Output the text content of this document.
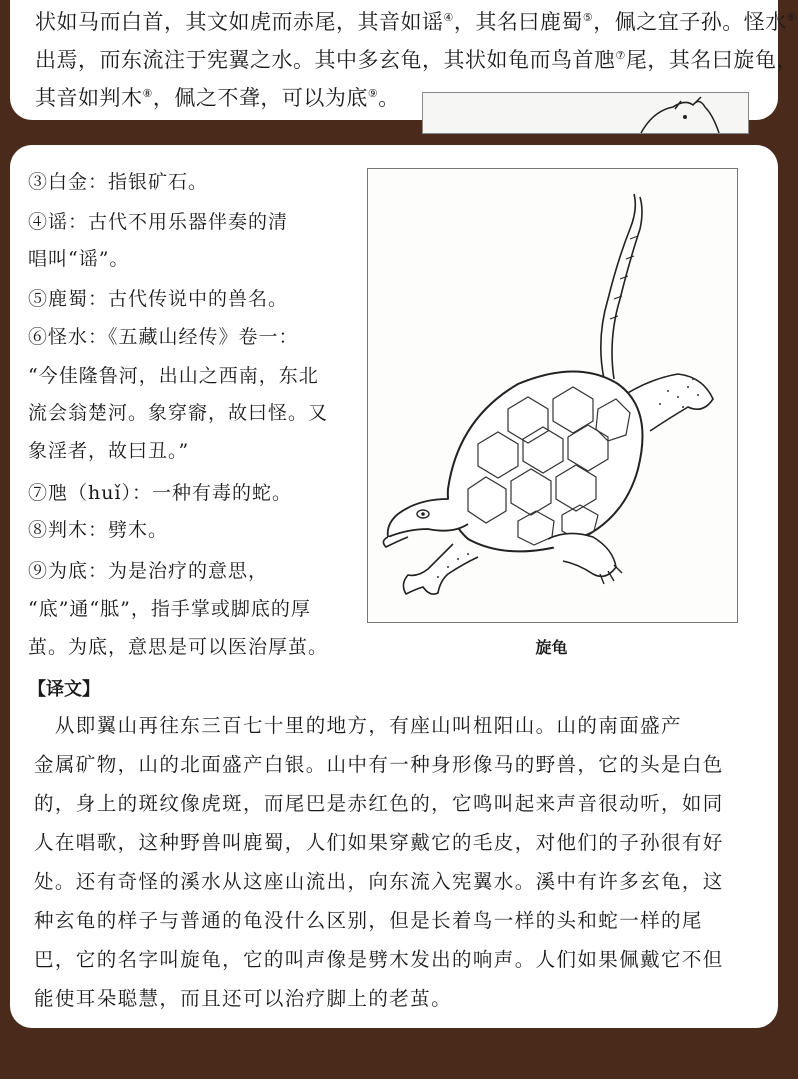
状如马而白首，其文如虎而赤尾，其音如谣④，其名曰鹿蜀⑤，佩之宜子孙。怪水⑥
出焉，而东流注于宪翼之水。其中多玄龟，其状如龟而鸟首虺⑦尾，其名曰旋龟，
其音如判木⑧，佩之不聋，可以为底⑨。
③白金：指银矿石。
④谣：古代不用乐器伴奏的清
唱叫“谣”。
⑤鹿蜀：古代传说中的兽名。
⑥怪水：《五藏山经传》卷一：
“今佳隆鲁河，出山之西南，东北
流会翁楚河。象穿窬，故曰怪。又
象淫者，故曰丑。”
⑦虺（huǐ）：一种有毒的蛇。
⑧判木：劈木。
⑨为底：为是治疗的意思，
“底”通“胝”，指手掌或脚底的厚
茧。为底，意思是可以医治厚茧。	旋龟
【译文】
　从即翼山再往东三百七十里的地方，有座山叫杻阳山。山的南面盛产
金属矿物，山的北面盛产白银。山中有一种身形像马的野兽，它的头是白色
的，身上的斑纹像虎斑，而尾巴是赤红色的，它鸣叫起来声音很动听，如同
人在唱歌，这种野兽叫鹿蜀，人们如果穿戴它的毛皮，对他们的子孙很有好
处。还有奇怪的溪水从这座山流出，向东流入宪翼水。溪中有许多玄龟，这
种玄龟的样子与普通的龟没什么区别，但是长着鸟一样的头和蛇一样的尾
巴，它的名字叫旋龟，它的叫声像是劈木发出的响声。人们如果佩戴它不但
能使耳朵聪慧，而且还可以治疗脚上的老茧。
